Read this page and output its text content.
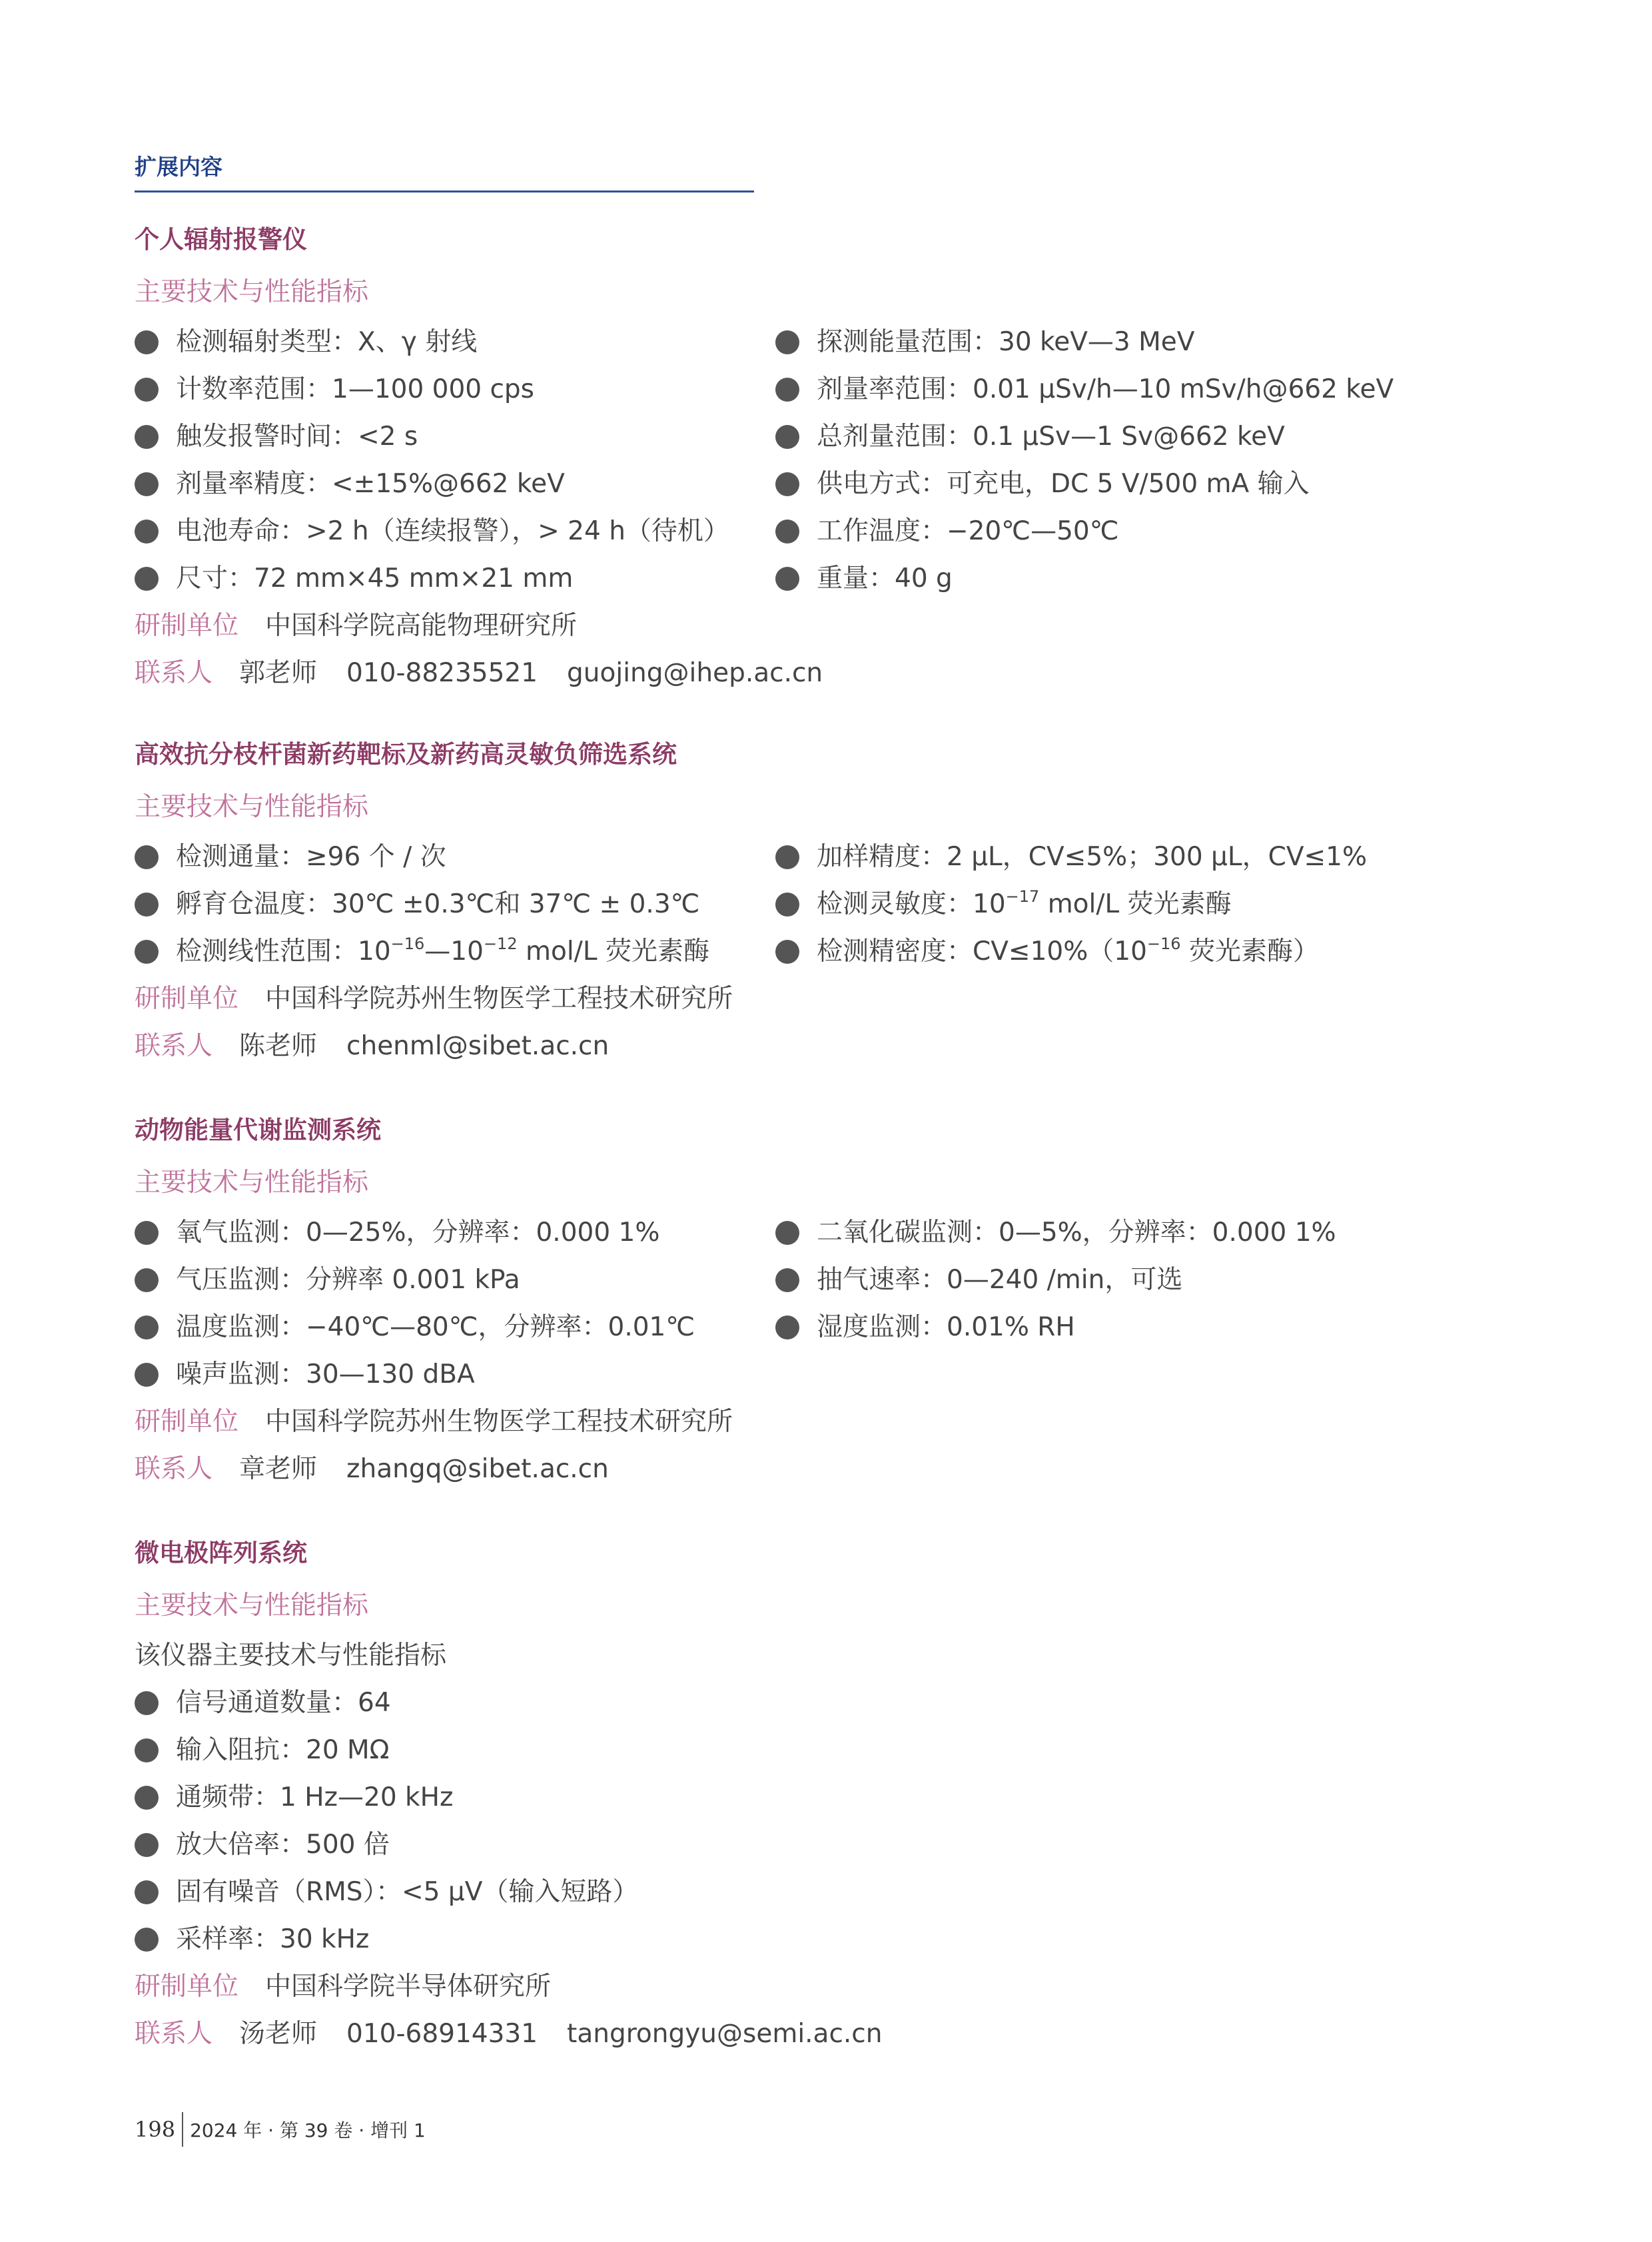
扩展内容
个人辐射报警仪
主要技术与性能指标
检测辐射类型：X、γ 射线	探测能量范围：30 keV—3 MeV
计数率范围：1—100 000 cps	剂量率范围：0.01 μSv/h—10 mSv/h@662 keV
触发报警时间：<2 s	总剂量范围：0.1 μSv—1 Sv@662 keV
剂量率精度：<±15%@662 keV	供电方式：可充电，DC 5 V/500 mA 输入
电池寿命：>2 h（连续报警），> 24 h（待机）	工作温度：−20℃—50℃
尺寸：72 mm×45 mm×21 mm	重量：40 g
研制单位 中国科学院高能物理研究所
联系人 郭老师 010-88235521 guojing@ihep.ac.cn
高效抗分枝杆菌新药靶标及新药高灵敏负筛选系统
主要技术与性能指标
检测通量：≥96 个 / 次	加样精度：2 μL，CV≤5%；300 μL，CV≤1%
孵育仓温度：30℃ ±0.3℃和 37℃ ± 0.3℃	检测灵敏度：$10^{-17}$ mol/L 荧光素酶
检测线性范围：$10^{-16}—10^{-12}$ mol/L 荧光素酶	检测精密度：$CV\le 10\%(10^{-16}$ 荧光素酶）
研制单位 中国科学院苏州生物医学工程技术研究所
联系人 陈老师 chenml@sibet.ac.cn
动物能量代谢监测系统
主要技术与性能指标
氧气监测：0—25%，分辨率：0.000 1%	二氧化碳监测：0—5%，分辨率：0.000 1%
气压监测：分辨率 0.001 kPa	抽气速率：0—240 /min，可选
温度监测：−40℃—80℃，分辨率：0.01℃	湿度监测：0.01% RH
噪声监测：30—130 dBA
研制单位 中国科学院苏州生物医学工程技术研究所
联系人 章老师 zhangq@sibet.ac.cn
微电极阵列系统
主要技术与性能指标
该仪器主要技术与性能指标
信号通道数量：64
输入阻抗：20 MΩ
通频带：1 Hz—20 kHz
放大倍率：500 倍
固有噪音（RMS）：<5 μV（输入短路）
采样率：30 kHz
研制单位 中国科学院半导体研究所
联系人 汤老师 010-68914331 tangrongyu@semi.ac.cn
198 2024 年 · 第 39 卷 · 增刊 1
